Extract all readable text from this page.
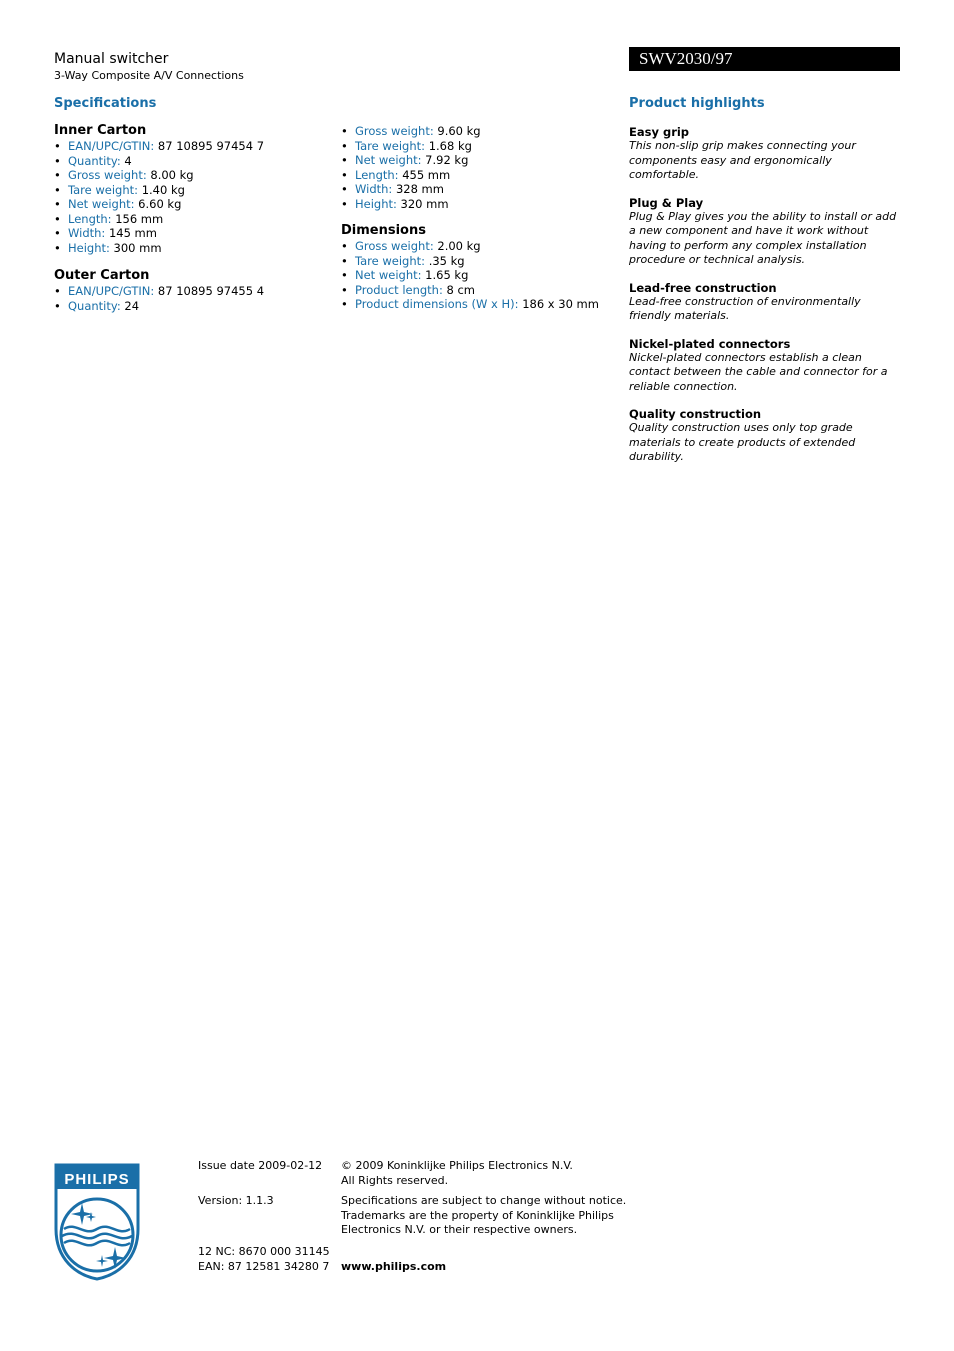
Manual switcher
3-Way Composite A/V Connections
SWV2030/97
Specifications
Inner Carton
• EAN/UPC/GTIN: 87 10895 97454 7
• Quantity: 4
• Gross weight: 8.00 kg
• Tare weight: 1.40 kg
• Net weight: 6.60 kg
• Length: 156 mm
• Width: 145 mm
• Height: 300 mm
Outer Carton
• EAN/UPC/GTIN: 87 10895 97455 4
• Quantity: 24
• Gross weight: 9.60 kg
• Tare weight: 1.68 kg
• Net weight: 7.92 kg
• Length: 455 mm
• Width: 328 mm
• Height: 320 mm
Dimensions
• Gross weight: 2.00 kg
• Tare weight: .35 kg
• Net weight: 1.65 kg
• Product length: 8 cm
• Product dimensions (W x H): 186 x 30 mm
Product highlights
Easy grip
This non-slip grip makes connecting your components easy and ergonomically comfortable.
Plug & Play
Plug & Play gives you the ability to install or add a new component and have it work without having to perform any complex installation procedure or technical analysis.
Lead-free construction
Lead-free construction of environmentally friendly materials.
Nickel-plated connectors
Nickel-plated connectors establish a clean contact between the cable and connector for a reliable connection.
Quality construction
Quality construction uses only top grade materials to create products of extended durability.
PHILIPS
Issue date 2009-02-12
Version: 1.1.3
12 NC: 8670 000 31145
EAN: 87 12581 34280 7
© 2009 Koninklijke Philips Electronics N.V.
All Rights reserved.
Specifications are subject to change without notice.
Trademarks are the property of Koninklijke Philips
Electronics N.V. or their respective owners.
www.philips.com
